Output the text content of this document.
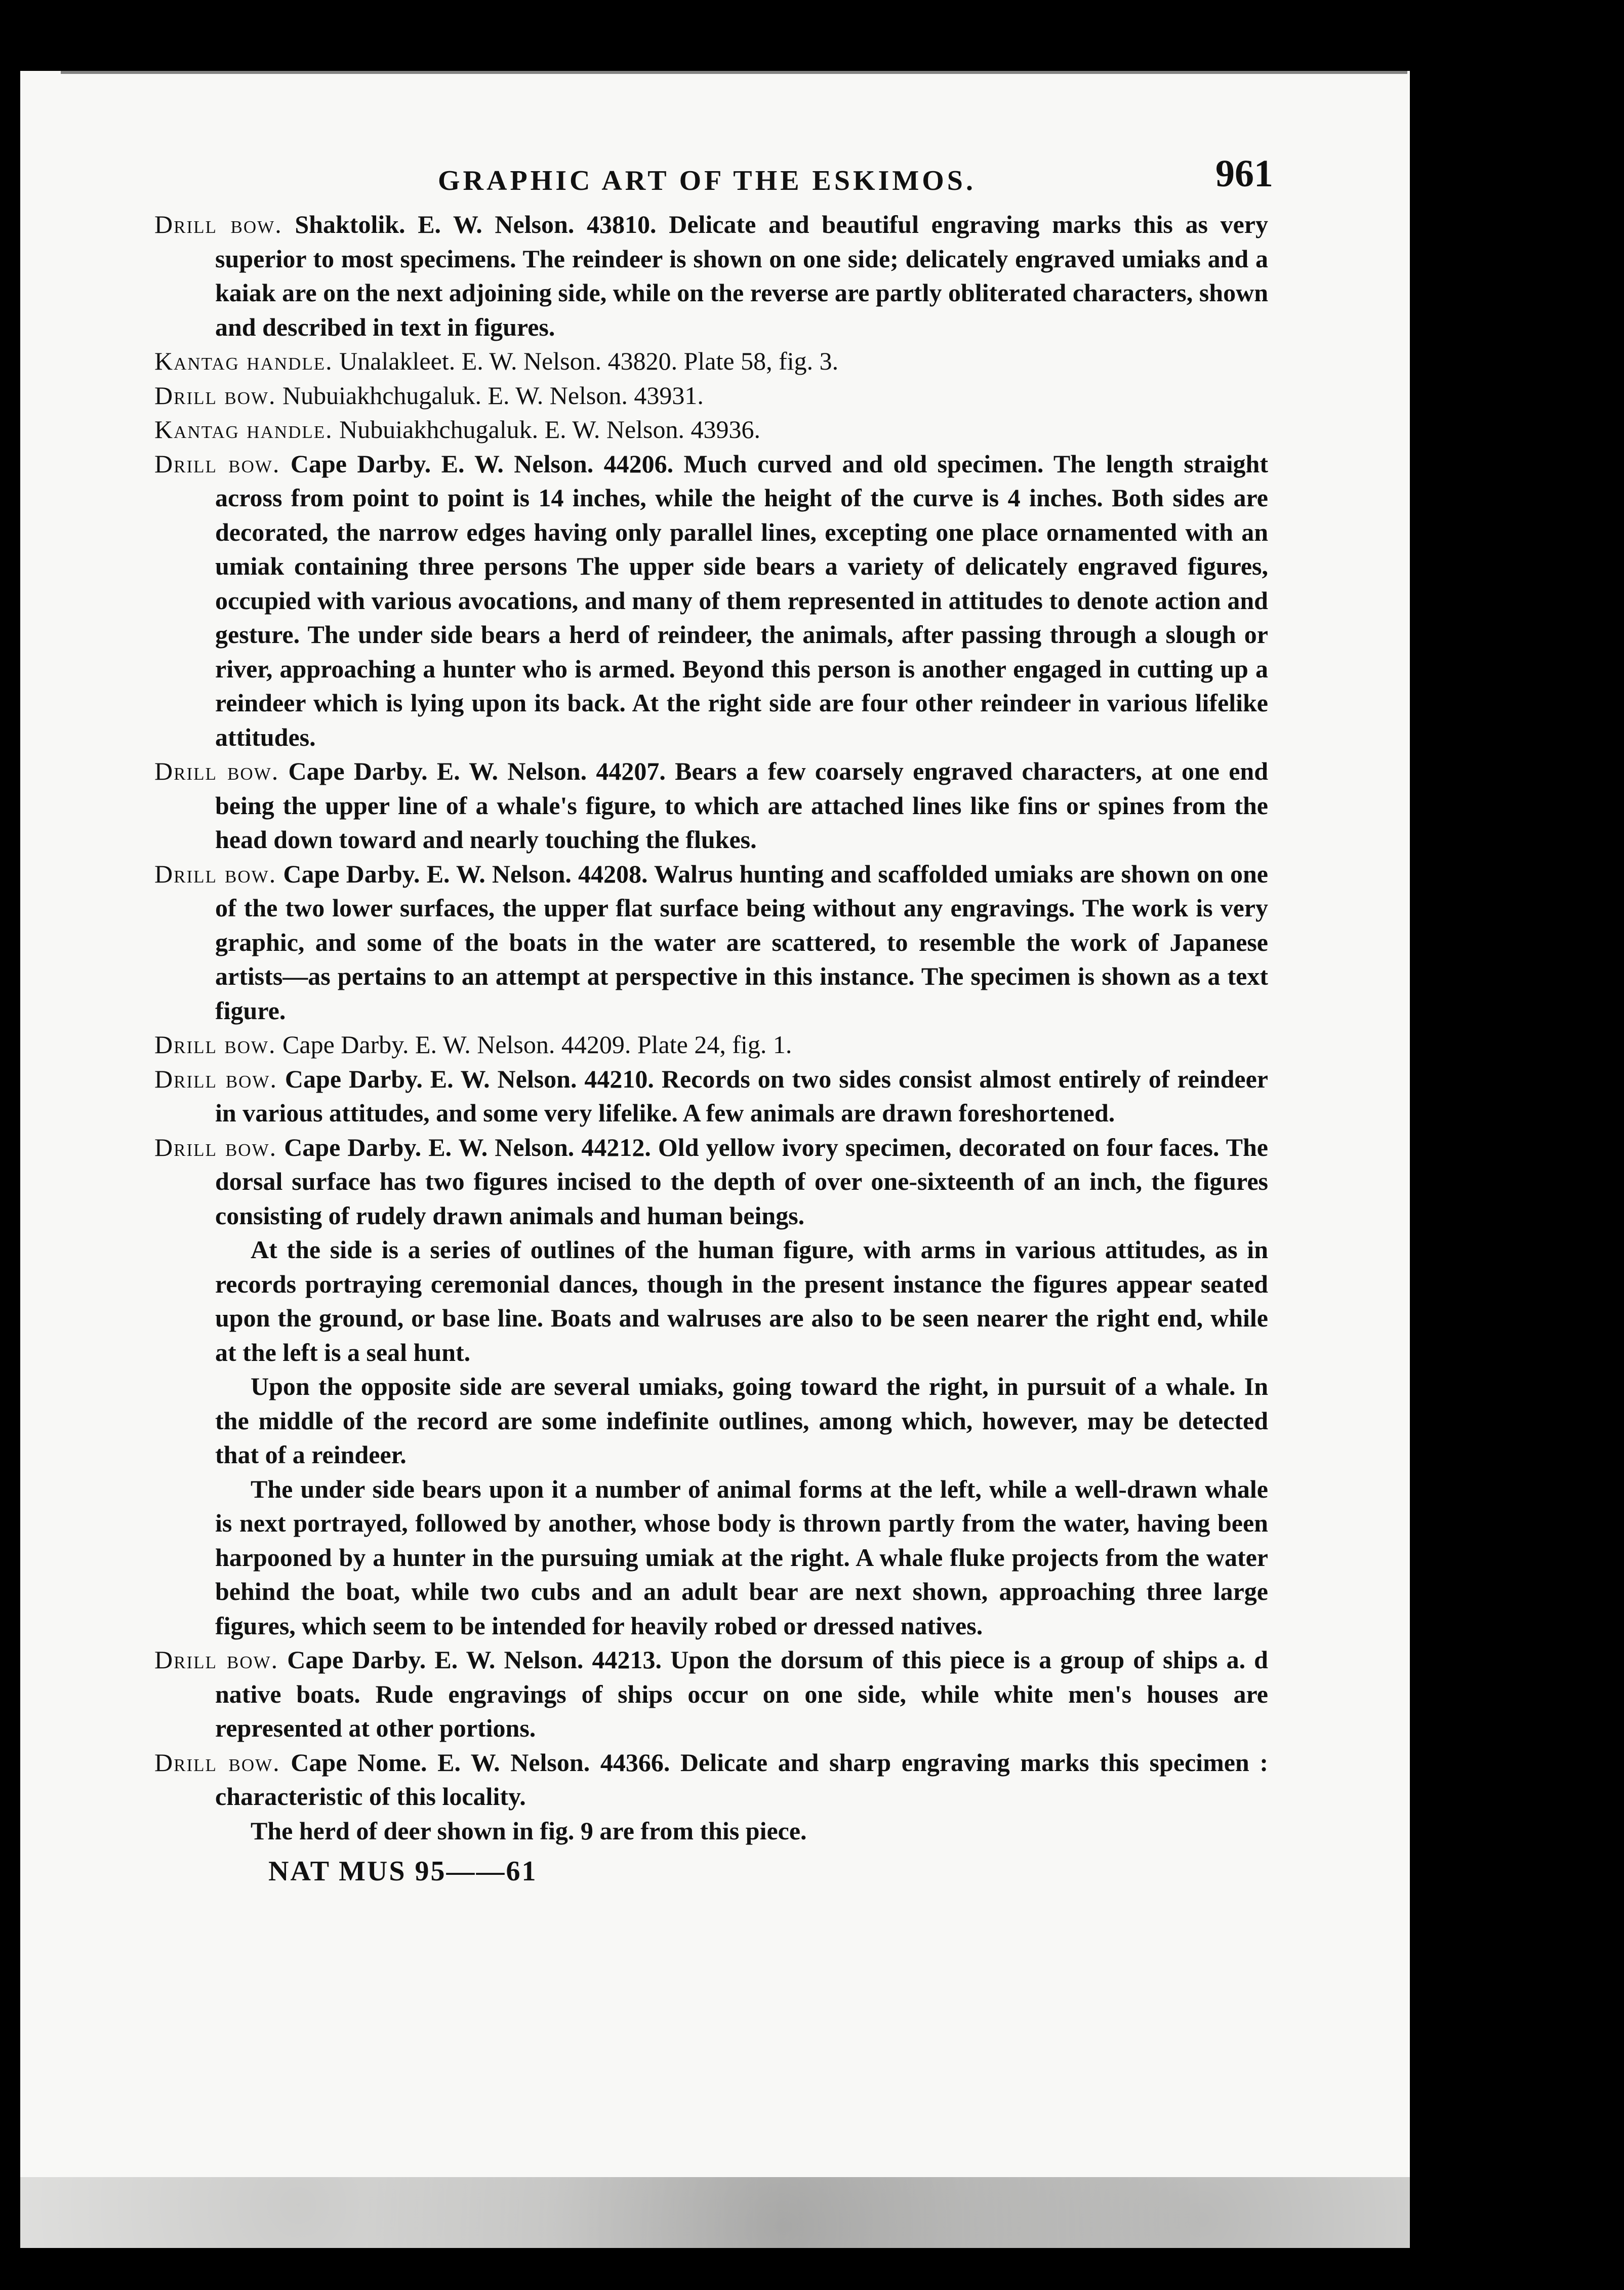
GRAPHIC ART OF THE ESKIMOS.	961

Drill bow. Shaktolik. E. W. Nelson. 43810. Delicate and beautiful engraving marks this as very superior to most specimens. The reindeer is shown on one side; delicately engraved umiaks and a kaiak are on the next adjoining side, while on the reverse are partly obliterated characters, shown and described in text in figures.

Kantag handle. Unalakleet. E. W. Nelson. 43820. Plate 58, fig. 3.

Drill bow. Nubuiakhchugaluk. E. W. Nelson. 43931.

Kantag handle. Nubuiakhchugaluk. E. W. Nelson. 43936.

Drill bow. Cape Darby. E. W. Nelson. 44206. Much curved and old specimen. The length straight across from point to point is 14 inches, while the height of the curve is 4 inches. Both sides are decorated, the narrow edges having only parallel lines, excepting one place ornamented with an umiak containing three persons The upper side bears a variety of delicately engraved figures, occupied with various avocations, and many of them represented in attitudes to denote action and gesture. The under side bears a herd of reindeer, the animals, after passing through a slough or river, approaching a hunter who is armed. Beyond this person is another engaged in cutting up a reindeer which is lying upon its back. At the right side are four other reindeer in various lifelike attitudes.

Drill bow. Cape Darby. E. W. Nelson. 44207. Bears a few coarsely engraved characters, at one end being the upper line of a whale's figure, to which are attached lines like fins or spines from the head down toward and nearly touching the flukes.

Drill bow. Cape Darby. E. W. Nelson. 44208. Walrus hunting and scaffolded umiaks are shown on one of the two lower surfaces, the upper flat surface being without any engravings. The work is very graphic, and some of the boats in the water are scattered, to resemble the work of Japanese artists—as pertains to an attempt at perspective in this instance. The specimen is shown as a text figure.

Drill bow. Cape Darby. E. W. Nelson. 44209. Plate 24, fig. 1.

Drill bow. Cape Darby. E. W. Nelson. 44210. Records on two sides consist almost entirely of reindeer in various attitudes, and some very lifelike. A few animals are drawn foreshortened.

Drill bow. Cape Darby. E. W. Nelson. 44212. Old yellow ivory specimen, decorated on four faces. The dorsal surface has two figures incised to the depth of over one-sixteenth of an inch, the figures consisting of rudely drawn animals and human beings.

At the side is a series of outlines of the human figure, with arms in various attitudes, as in records portraying ceremonial dances, though in the present instance the figures appear seated upon the ground, or base line. Boats and walruses are also to be seen nearer the right end, while at the left is a seal hunt.

Upon the opposite side are several umiaks, going toward the right, in pursuit of a whale. In the middle of the record are some indefinite outlines, among which, however, may be detected that of a reindeer.

The under side bears upon it a number of animal forms at the left, while a well-drawn whale is next portrayed, followed by another, whose body is thrown partly from the water, having been harpooned by a hunter in the pursuing umiak at the right. A whale fluke projects from the water behind the boat, while two cubs and an adult bear are next shown, approaching three large figures, which seem to be intended for heavily robed or dressed natives.

Drill bow. Cape Darby. E. W. Nelson. 44213. Upon the dorsum of this piece is a group of ships a. d native boats. Rude engravings of ships occur on one side, while white men's houses are represented at other portions.

Drill bow. Cape Nome. E. W. Nelson. 44366. Delicate and sharp engraving marks this specimen : characteristic of this locality.

The herd of deer shown in fig. 9 are from this piece.

NAT MUS 95——61
